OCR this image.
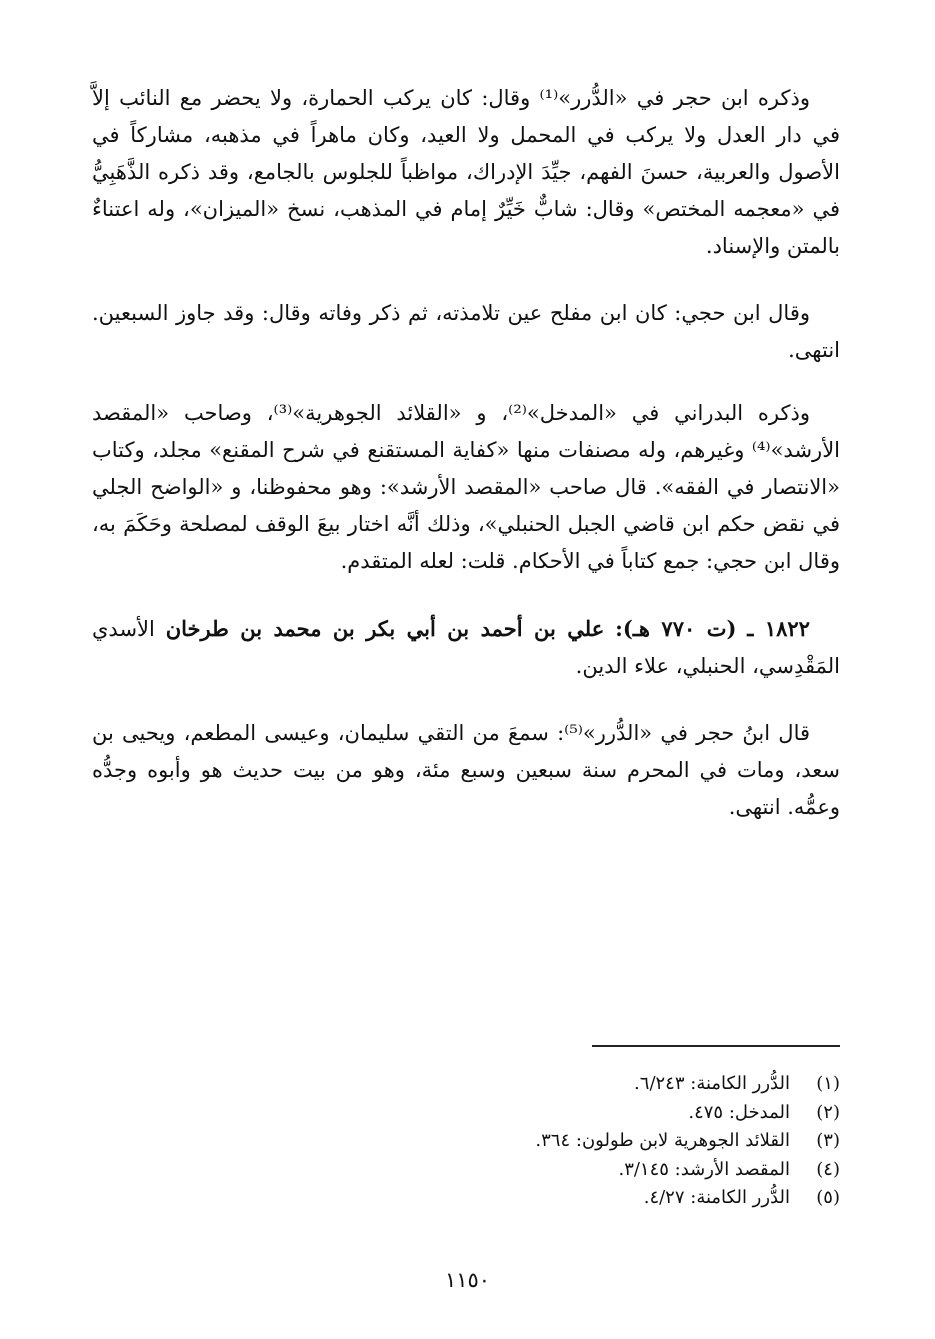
وذكره ابن حجر في «الدُّرر»⁽¹⁾ وقال: كان يركب الحمارة، ولا يحضر مع النائب إلاَّ في دار العدل ولا يركب في المحمل ولا العيد، وكان ماهراً في مذهبه، مشاركاً في الأصول والعربية، حسنَ الفهم، جيِّدَ الإدراك، مواظباً للجلوس بالجامع، وقد ذكره الذَّهَبِيُّ في «معجمه المختص» وقال: شابٌّ خَيِّرٌ إمام في المذهب، نسخ «الميزان»، وله اعتناءٌ بالمتن والإسناد.

وقال ابن حجي: كان ابن مفلح عين تلامذته، ثم ذكر وفاته وقال: وقد جاوز السبعين. انتهى.

وذكره البدراني في «المدخل»⁽²⁾، و «القلائد الجوهرية»⁽³⁾، وصاحب «المقصد الأرشد»⁽⁴⁾ وغيرهم، وله مصنفات منها «كفاية المستقنع في شرح المقنع» مجلد، وكتاب «الانتصار في الفقه». قال صاحب «المقصد الأرشد»: وهو محفوظنا، و «الواضح الجلي في نقض حكم ابن قاضي الجبل الحنبلي»، وذلك أنَّه اختار بيعَ الوقف لمصلحة وحَكَمَ به، وقال ابن حجي: جمع كتاباً في الأحكام. قلت: لعله المتقدم.

١٨٢٢ ـ (ت ٧٧٠ هـ): علي بن أحمد بن أبي بكر بن محمد بن طرخان الأسدي المَقْدِسي، الحنبلي، علاء الدين.

قال ابنُ حجر في «الدُّرر»⁽⁵⁾: سمعَ من التقي سليمان، وعيسى المطعم، ويحيى بن سعد، ومات في المحرم سنة سبعين وسبع مئة، وهو من بيت حديث هو وأبوه وجدُّه وعمُّه. انتهى.

(١)
الدُّرر الكامنة: ٦/٢٤٣.
(٢)
المدخل: ٤٧٥.
(٣)
القلائد الجوهرية لابن طولون: ٣٦٤.
(٤)
المقصد الأرشد: ٣/١٤٥.
(٥)
الدُّرر الكامنة: ٤/٢٧.
١١٥٠
